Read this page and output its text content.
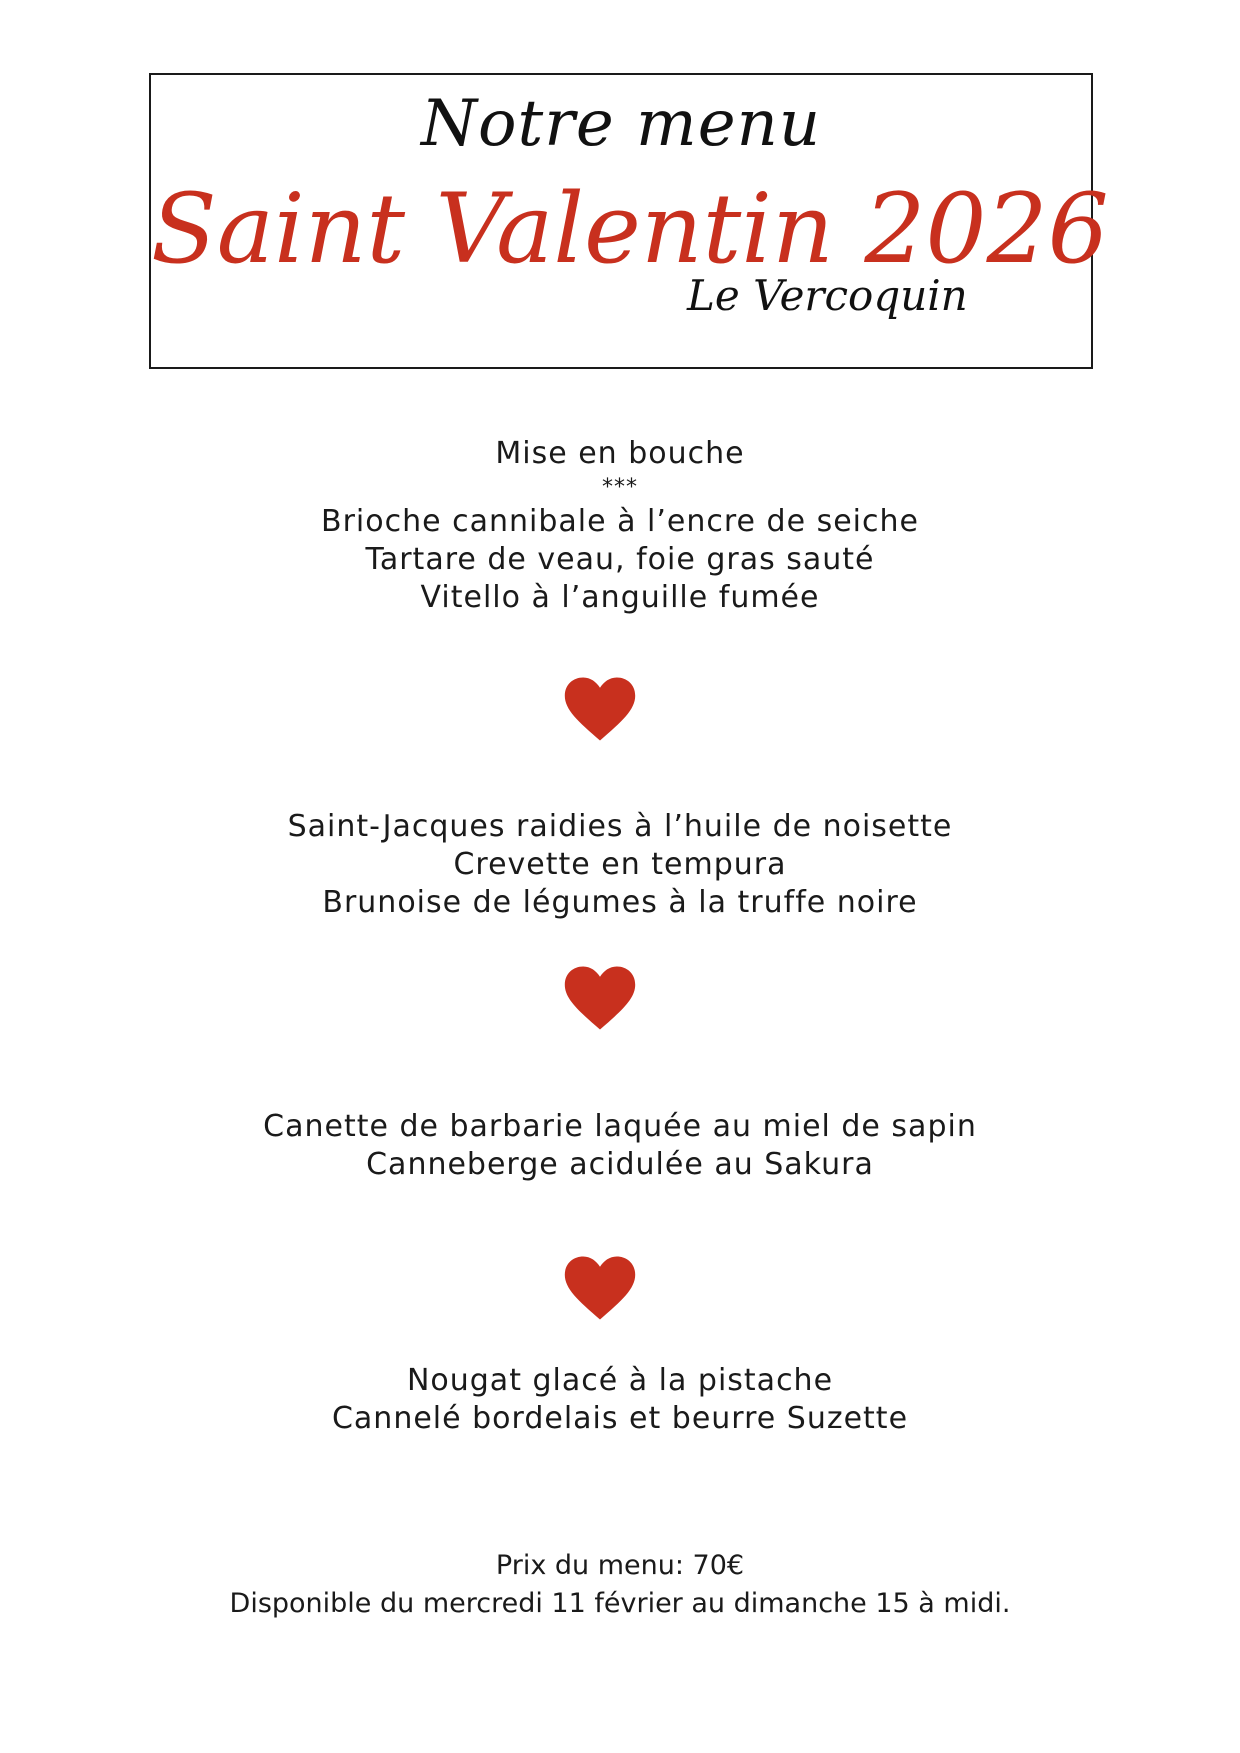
Notre menu
Saint Valentin 2026
Le Vercoquin
Mise en bouche
***
Brioche cannibale à l’encre de seiche
Tartare de veau, foie gras sauté
Vitello à l’anguille fumée
Saint-Jacques raidies à l’huile de noisette
Crevette en tempura
Brunoise de légumes à la truffe noire
Canette de barbarie laquée au miel de sapin
Canneberge acidulée au Sakura
Nougat glacé à la pistache
Cannelé bordelais et beurre Suzette
Prix du menu: 70€
Disponible du mercredi 11 février au dimanche 15 à midi.
